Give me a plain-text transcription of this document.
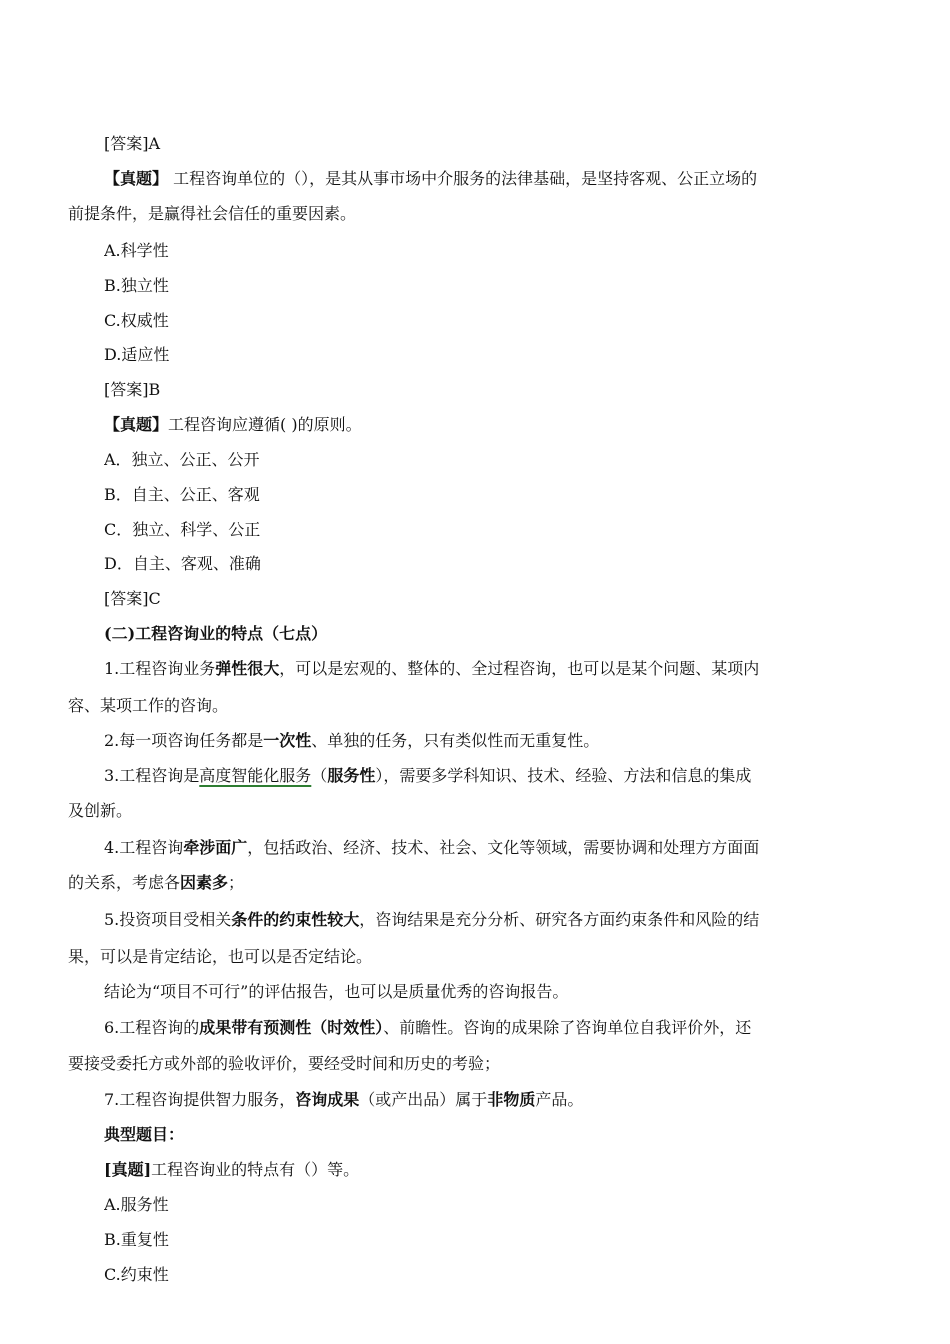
[答案]A
【真题】 工程咨询单位的（），是其从事市场中介服务的法律基础，是坚持客观、公正立场的
前提条件，是赢得社会信任的重要因素。
A.科学性
B.独立性
C.权威性
D.适应性
[答案]B
【真题】工程咨询应遵循( )的原则。
A．独立、公正、公开
B．自主、公正、客观
C．独立、科学、公正
D．自主、客观、准确
[答案]C
(二)工程咨询业的特点（七点）
1.工程咨询业务弹性很大，可以是宏观的、整体的、全过程咨询，也可以是某个问题、某项内
容、某项工作的咨询。
2.每一项咨询任务都是一次性、单独的任务，只有类似性而无重复性。
3.工程咨询是高度智能化服务（服务性），需要多学科知识、技术、经验、方法和信息的集成
及创新。
4.工程咨询牵涉面广，包括政治、经济、技术、社会、文化等领域，需要协调和处理方方面面
的关系，考虑各因素多；
5.投资项目受相关条件的约束性较大，咨询结果是充分分析、研究各方面约束条件和风险的结
果，可以是肯定结论，也可以是否定结论。
结论为“项目不可行”的评估报告，也可以是质量优秀的咨询报告。
6.工程咨询的成果带有预测性（时效性）、前瞻性。咨询的成果除了咨询单位自我评价外，还
要接受委托方或外部的验收评价，要经受时间和历史的考验；
7.工程咨询提供智力服务，咨询成果（或产出品）属于非物质产品。
典型题目：
[真题]工程咨询业的特点有（）等。
A.服务性
B.重复性
C.约束性
